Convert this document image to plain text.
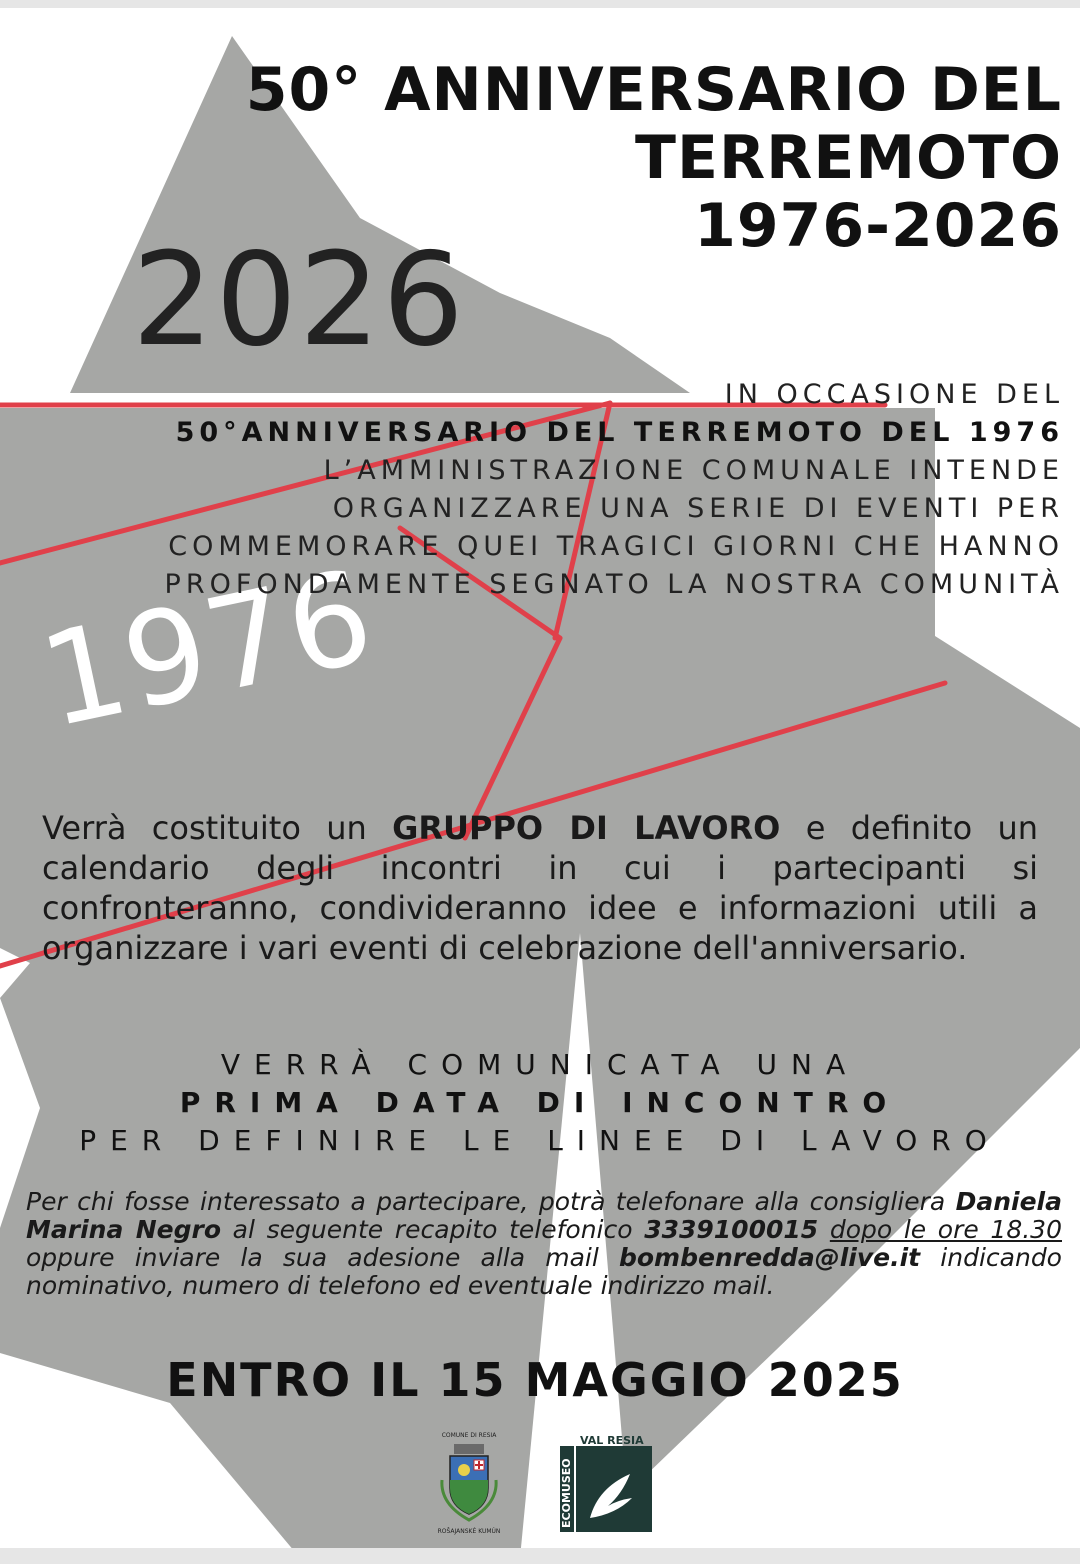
50° ANNIVERSARIO DEL
TERREMOTO
1976-2026
2026
1976
IN OCCASIONE DEL
50°ANNIVERSARIO DEL TERREMOTO DEL 1976
L’AMMINISTRAZIONE COMUNALE INTENDE
ORGANIZZARE UNA SERIE DI EVENTI PER
COMMEMORARE QUEI TRAGICI GIORNI CHE HANNO
PROFONDAMENTE SEGNATO LA NOSTRA COMUNITÀ
Verrà costituito un GRUPPO DI LAVORO e definito un calendario degli incontri in cui i partecipanti si confronteranno, condivideranno idee e informazioni utili a organizzare i vari eventi di celebrazione dell'anniversario.
VERRÀ COMUNICATA UNA
PRIMA DATA DI INCONTRO
PER DEFINIRE LE LINEE DI LAVORO
Per chi fosse interessato a partecipare, potrà telefonare alla consigliera Daniela Marina Negro al seguente recapito telefonico 3339100015 dopo le ore 18.30 oppure inviare la sua adesione alla mail bombenredda@live.it indicando nominativo, numero di telefono ed eventuale indirizzo mail.
ENTRO IL 15 MAGGIO 2025
COMUNE DI RESIA
ROŠAJANSKÉ KUMÚN
ECOMUSEO
VAL RESIA
